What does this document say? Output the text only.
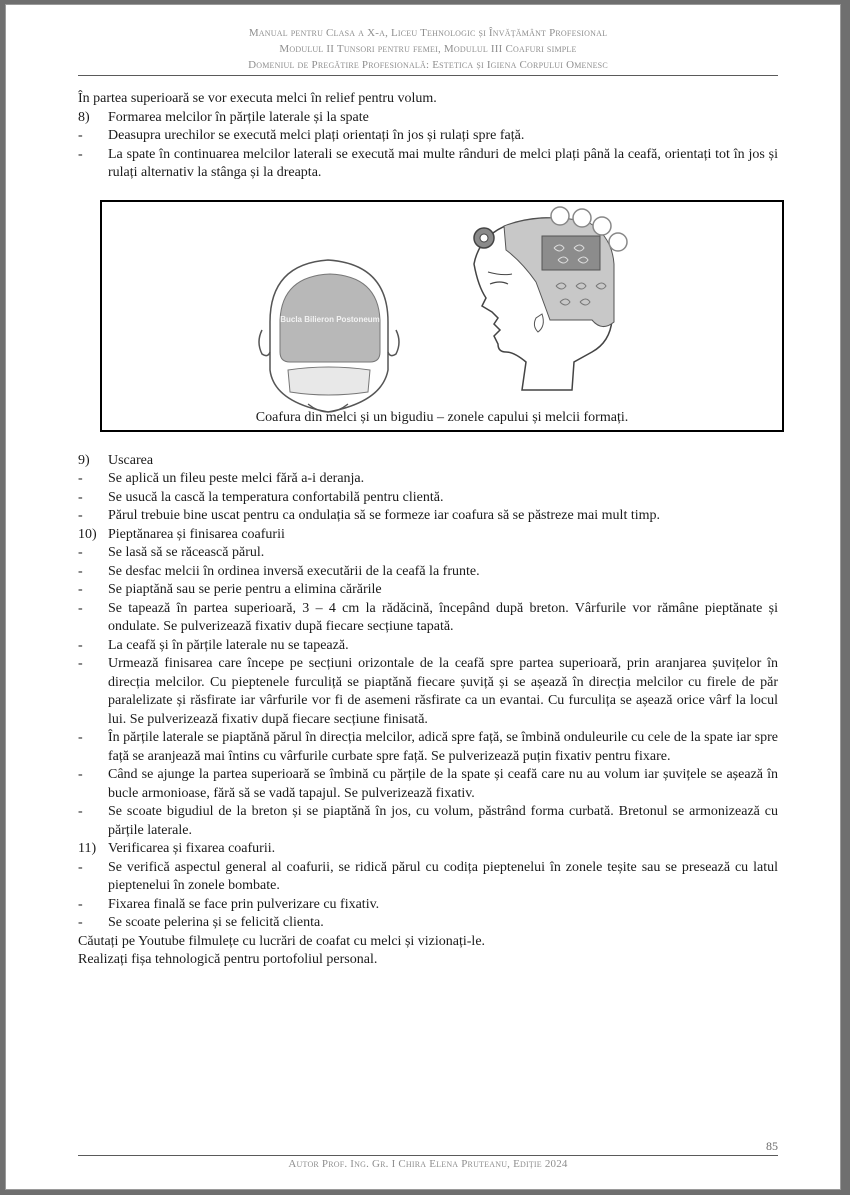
Manual pentru Clasa a X-a, Liceu Tehnologic și Învățământ Profesional
Modulul II Tunsori pentru femei, Modulul III Coafuri simple
Domeniul de Pregătire Profesională: Estetica și Igiena Corpului Omenesc

În partea superioară se vor executa melci în relief pentru volum.

8) Formarea melcilor în părțile laterale și la spate
- Deasupra urechilor se execută melci plați orientați în jos și rulați spre față.
- La spate în continuarea melcilor laterali se execută mai multe rânduri de melci plați până la ceafă, orientați tot în jos și rulați alternativ la stânga și la dreapta.
Bucla Bilieron Postoneum
Coafura din melci și un bigudiu – zonele capului și melcii formați.
9) Uscarea
- Se aplică un fileu peste melci fără a-i deranja.
- Se usucă la cască la temperatura confortabilă pentru clientă.
- Părul trebuie bine uscat pentru ca ondulația să se formeze iar coafura să se păstreze mai mult timp.
10) Pieptănarea și finisarea coafurii
- Se lasă să se răcească părul.
- Se desfac melcii în ordinea inversă executării de la ceafă la frunte.
- Se piaptănă sau se perie pentru a elimina cărările
- Se tapează în partea superioară, 3 – 4 cm la rădăcină, începând după breton. Vârfurile vor rămâne pieptănate și ondulate. Se pulverizează fixativ după fiecare secțiune tapată.
- La ceafă și în părțile laterale nu se tapează.
- Urmează finisarea care începe pe secțiuni orizontale de la ceafă spre partea superioară, prin aranjarea șuvițelor în direcția melcilor. Cu pieptenele furculiță se piaptănă fiecare șuviță și se așează în direcția melcilor cu firele de păr paralelizate și răsfirate iar vârfurile vor fi de asemeni răsfirate ca un evantai. Cu furculița se așează orice vârf la locul lui. Se pulverizează fixativ după fiecare secțiune finisată.
- În părțile laterale se piaptănă părul în direcția melcilor, adică spre față, se îmbină onduleurile cu cele de la spate iar spre față se aranjează mai întins cu vârfurile curbate spre față. Se pulverizează puțin fixativ pentru fixare.
- Când se ajunge la partea superioară se îmbină cu părțile de la spate și ceafă care nu au volum iar șuvițele se așează în bucle armonioase, fără să se vadă tapajul. Se pulverizează fixativ.
- Se scoate bigudiul de la breton și se piaptănă în jos, cu volum, păstrând forma curbată. Bretonul se armonizează cu părțile laterale.
11) Verificarea și fixarea coafurii.
- Se verifică aspectul general al coafurii, se ridică părul cu codița pieptenelui în zonele teșite sau se presează cu latul pieptenelui în zonele bombate.
- Fixarea finală se face prin pulverizare cu fixativ.
- Se scoate pelerina și se felicită clienta.

Căutați pe Youtube filmulețe cu lucrări de coafat cu melci și vizionați-le.

Realizați fișa tehnologică pentru portofoliul personal.

85
Autor Prof. Ing. Gr. I Chira Elena Pruteanu, Ediție 2024
